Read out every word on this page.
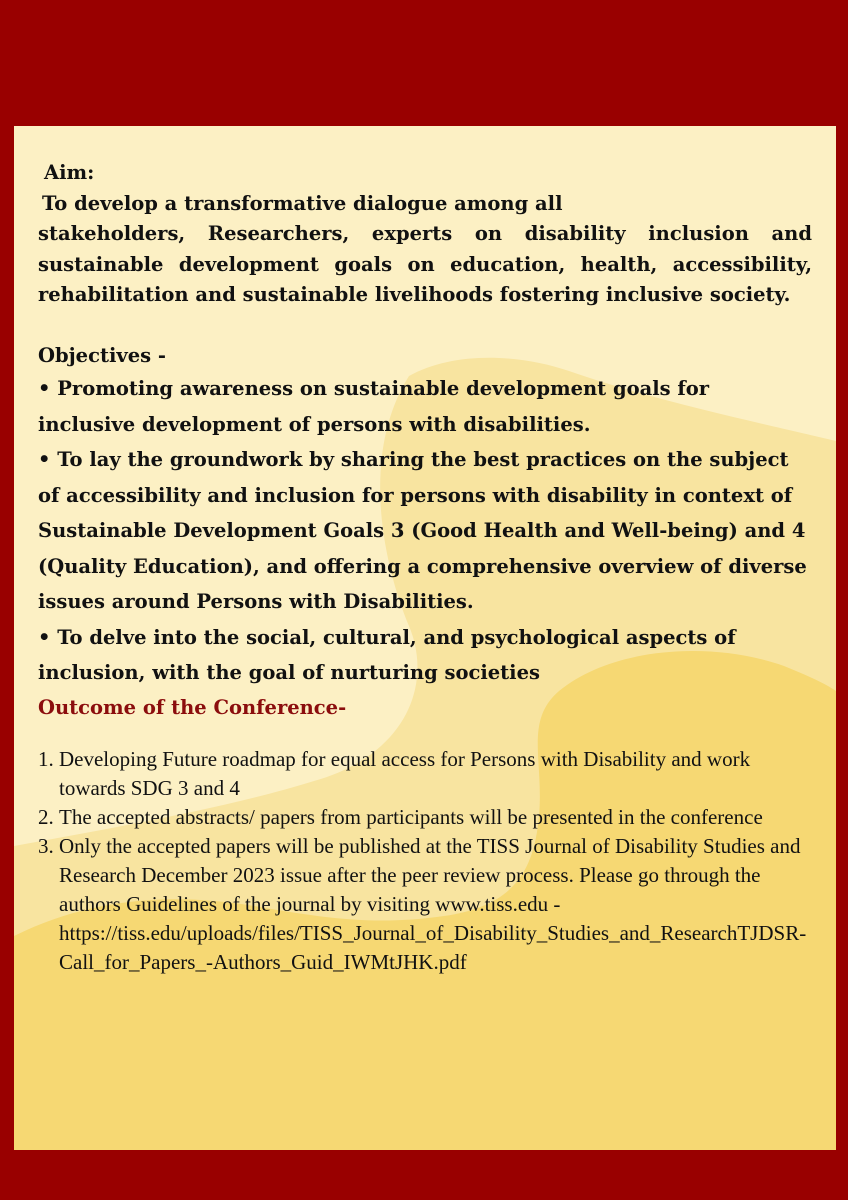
Aim:
To develop a transformative dialogue among all
stakeholders, Researchers, experts on disability inclusion and sustainable development goals on education, health, accessibility, rehabilitation and sustainable livelihoods fostering inclusive society.
Objectives -
• Promoting awareness on sustainable development goals for inclusive development of persons with disabilities.
• To lay the groundwork by sharing the best practices on the subject of accessibility and inclusion for persons with disability in context of Sustainable Development Goals 3 (Good Health and Well-being) and 4 (Quality Education), and offering a comprehensive overview of diverse issues around Persons with Disabilities.
• To delve into the social, cultural, and psychological aspects of inclusion, with the goal of nurturing societies
Outcome of the Conference-
1. Developing Future roadmap for equal access for Persons with Disability and work towards SDG 3 and 4
2. The accepted abstracts/ papers from participants will be presented in the conference
3. Only the accepted papers will be published at the TISS Journal of Disability Studies and Research December 2023 issue after the peer review process. Please go through the authors Guidelines of the journal by visiting www.tiss.edu -
https://tiss.edu/uploads/files/TISS_Journal_of_Disability_Studies_and_ResearchTJDSR-Call_for_Papers_-Authors_Guid_IWMtJHK.pdf
